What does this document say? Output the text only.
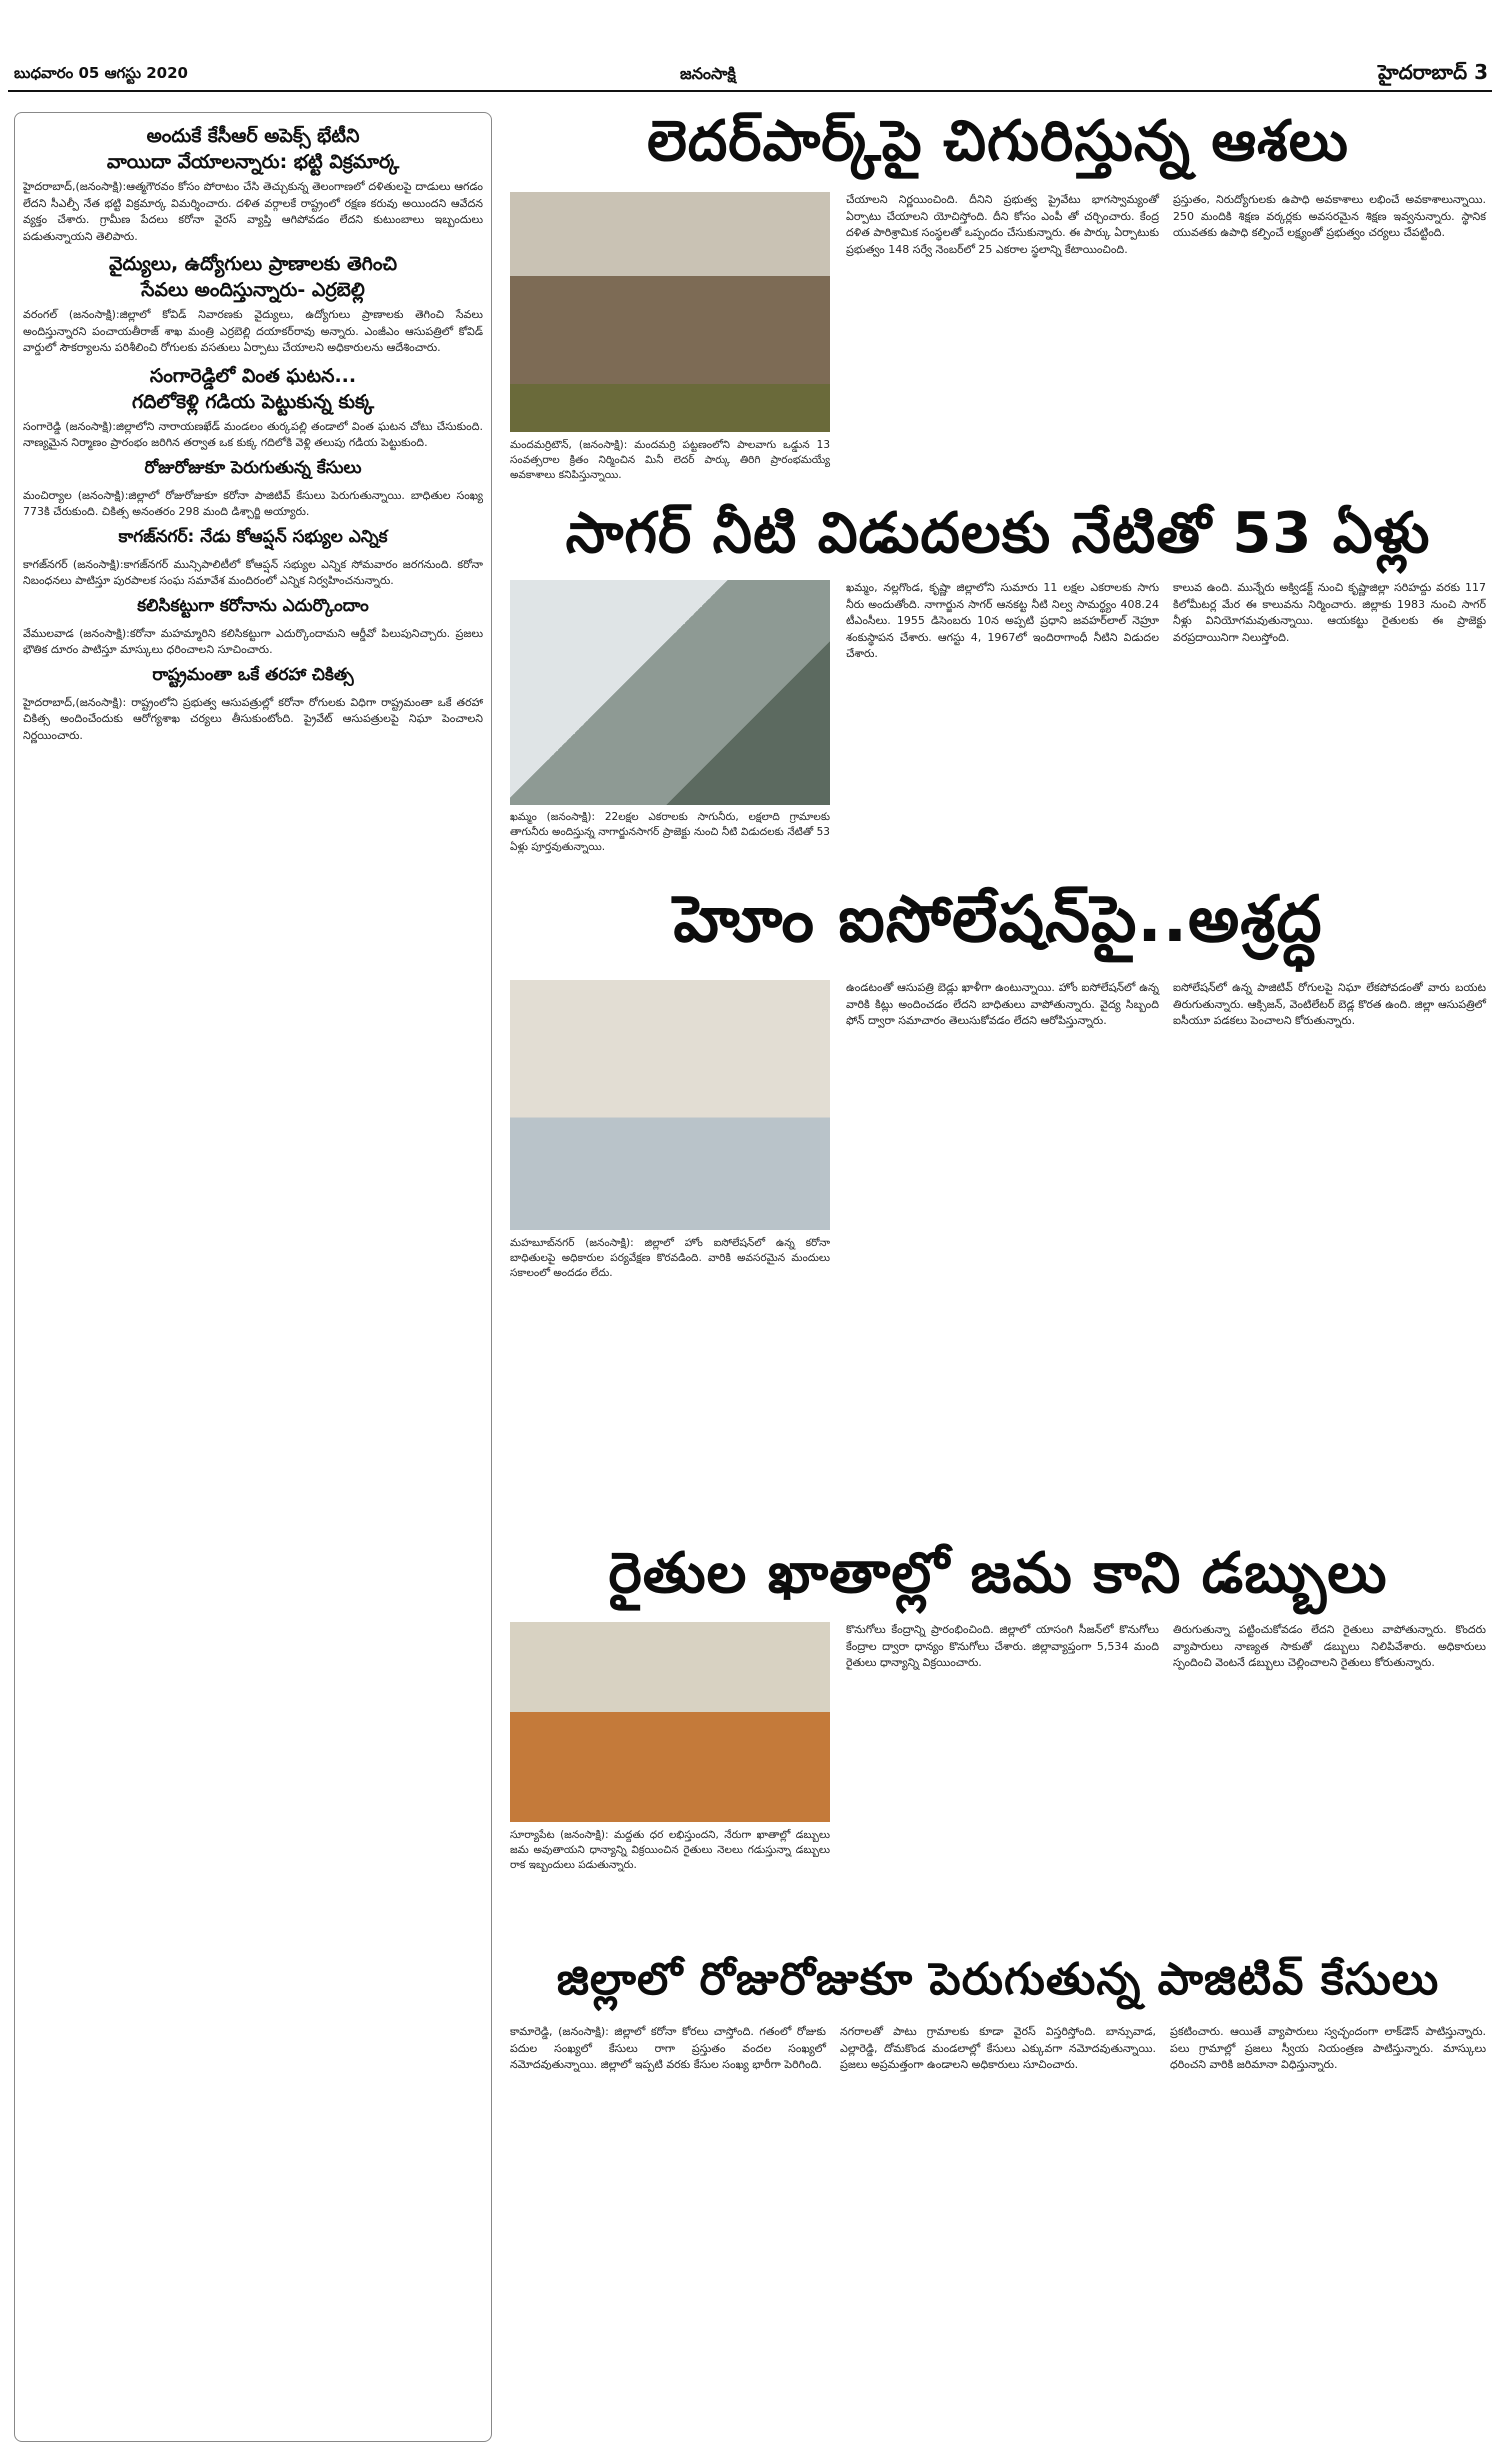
బుధవారం 05 ఆగస్టు 2020	జనంసాక్షి	హైదరాబాద్ 3
అందుకే కేసీఆర్ అపెక్స్ భేటీని
వాయిదా వేయాలన్నారు: భట్టి విక్రమార్క

హైదరాబాద్,(జనంసాక్షి):ఆత్మగౌరవం కోసం పోరాటం చేసి తెచ్చుకున్న తెలంగాణలో దళితులపై దాడులు ఆగడం లేదని సీఎల్పీ నేత భట్టి విక్రమార్క విమర్శించారు. దళిత వర్గాలకే రాష్ట్రంలో రక్షణ కరువు అయిందని ఆవేదన వ్యక్తం చేశారు. గ్రామీణ పేదలు కరోనా వైరస్ వ్యాప్తి ఆగిపోవడం లేదని కుటుంబాలు ఇబ్బందులు పడుతున్నాయని తెలిపారు.

వైద్యులు, ఉద్యోగులు ప్రాణాలకు తెగించి
సేవలు అందిస్తున్నారు- ఎర్రబెల్లి

వరంగల్ (జనంసాక్షి):జిల్లాలో కోవిడ్ నివారణకు వైద్యులు, ఉద్యోగులు ప్రాణాలకు తెగించి సేవలు అందిస్తున్నారని పంచాయతీరాజ్ శాఖ మంత్రి ఎర్రబెల్లి దయాకర్‌రావు అన్నారు. ఎంజీఎం ఆసుపత్రిలో కోవిడ్ వార్డులో సౌకర్యాలను పరిశీలించి రోగులకు వసతులు ఏర్పాటు చేయాలని అధికారులను ఆదేశించారు.

సంగారెడ్డిలో వింత ఘటన...
గదిలోకెళ్లి గడియ పెట్టుకున్న కుక్క

సంగారెడ్డి (జనంసాక్షి):జిల్లాలోని నారాయణఖేడ్ మండలం తుర్కపల్లి తండాలో వింత ఘటన చోటు చేసుకుంది. నాణ్యమైన నిర్మాణం ప్రారంభం జరిగిన తర్వాత ఒక కుక్క గదిలోకి వెళ్లి తలుపు గడియ పెట్టుకుంది.

రోజురోజుకూ పెరుగుతున్న కేసులు

మంచిర్యాల (జనంసాక్షి):జిల్లాలో రోజురోజుకూ కరోనా పాజిటివ్ కేసులు పెరుగుతున్నాయి. బాధితుల సంఖ్య 773కి చేరుకుంది. చికిత్స అనంతరం 298 మంది డిశ్చార్జి అయ్యారు.

కాగజ్‌నగర్: నేడు కోఆప్షన్ సభ్యుల ఎన్నిక

కాగజ్‌నగర్ (జనంసాక్షి):కాగజ్‌నగర్ మున్సిపాలిటీలో కోఆప్షన్ సభ్యుల ఎన్నిక సోమవారం జరగనుంది. కరోనా నిబంధనలు పాటిస్తూ పురపాలక సంఘ సమావేశ మందిరంలో ఎన్నిక నిర్వహించనున్నారు.

కలిసికట్టుగా కరోనాను ఎదుర్కొందాం

వేములవాడ (జనంసాక్షి):కరోనా మహమ్మారిని కలిసికట్టుగా ఎదుర్కొందామని ఆర్డీవో పిలుపునిచ్చారు. ప్రజలు భౌతిక దూరం పాటిస్తూ మాస్కులు ధరించాలని సూచించారు.

రాష్ట్రమంతా ఒకే తరహా చికిత్స

హైదరాబాద్,(జనంసాక్షి): రాష్ట్రంలోని ప్రభుత్వ ఆసుపత్రుల్లో కరోనా రోగులకు విధిగా రాష్ట్రమంతా ఒకే తరహా చికిత్స అందించేందుకు ఆరోగ్యశాఖ చర్యలు తీసుకుంటోంది. ప్రైవేట్ ఆసుపత్రులపై నిఘా పెంచాలని నిర్ణయించారు.

లెదర్‌పార్క్‌పై చిగురిస్తున్న ఆశలు

మందమర్రిటౌన్, (జనంసాక్షి): మందమర్రి పట్టణంలోని పాలవాగు ఒడ్డున 13 సంవత్సరాల క్రితం నిర్మించిన మినీ లెదర్ పార్కు తిరిగి ప్రారంభమయ్యే అవకాశాలు కనిపిస్తున్నాయి.

చేయాలని నిర్ణయించింది. దీనిని ప్రభుత్వ ప్రైవేటు భాగస్వామ్యంతో ఏర్పాటు చేయాలని యోచిస్తోంది. దీని కోసం ఎంపీ తో చర్చించారు. కేంద్ర దళిత పారిశ్రామిక సంస్థలతో ఒప్పందం చేసుకున్నారు. ఈ పార్కు ఏర్పాటుకు ప్రభుత్వం 148 సర్వే నెంబర్‌లో 25 ఎకరాల స్థలాన్ని కేటాయించింది.

ప్రస్తుతం, నిరుద్యోగులకు ఉపాధి అవకాశాలు లభించే అవకాశాలున్నాయి. 250 మందికి శిక్షణ వర్కర్లకు అవసరమైన శిక్షణ ఇవ్వనున్నారు. స్థానిక యువతకు ఉపాధి కల్పించే లక్ష్యంతో ప్రభుత్వం చర్యలు చేపట్టింది.

సాగర్ నీటి విడుదలకు నేటితో 53 ఏళ్లు

ఖమ్మం (జనంసాక్షి): 22లక్షల ఎకరాలకు సాగునీరు, లక్షలాది గ్రామాలకు తాగునీరు అందిస్తున్న నాగార్జునసాగర్ ప్రాజెక్టు నుంచి నీటి విడుదలకు నేటితో 53 ఏళ్లు పూర్తవుతున్నాయి.

ఖమ్మం, నల్లగొండ, కృష్ణా జిల్లాలోని సుమారు 11 లక్షల ఎకరాలకు సాగు నీరు అందుతోంది. నాగార్జున సాగర్ ఆనకట్ట నీటి నిల్వ సామర్థ్యం 408.24 టీఎంసీలు. 1955 డిసెంబరు 10న అప్పటి ప్రధాని జవహర్‌లాల్ నెహ్రూ శంకుస్థాపన చేశారు. ఆగస్టు 4, 1967లో ఇందిరాగాంధీ నీటిని విడుదల చేశారు.

కాలువ ఉంది. మున్నేరు అక్విడక్ట్ నుంచి కృష్ణాజిల్లా సరిహద్దు వరకు 117 కిలోమీటర్ల మేర ఈ కాలువను నిర్మించారు. జిల్లాకు 1983 నుంచి సాగర్ నీళ్లు వినియోగమవుతున్నాయి. ఆయకట్టు రైతులకు ఈ ప్రాజెక్టు వరప్రదాయినిగా నిలుస్తోంది.

హెూం ఐసోలేషన్‌పై..అశ్రద్ధ

మహబూబ్‌నగర్ (జనంసాక్షి): జిల్లాలో హోం ఐసోలేషన్‌లో ఉన్న కరోనా బాధితులపై అధికారుల పర్యవేక్షణ కొరవడింది. వారికి అవసరమైన మందులు సకాలంలో అందడం లేదు.

ఉండటంతో ఆసుపత్రి బెడ్లు ఖాళీగా ఉంటున్నాయి. హోం ఐసోలేషన్‌లో ఉన్న వారికి కిట్లు అందించడం లేదని బాధితులు వాపోతున్నారు. వైద్య సిబ్బంది ఫోన్ ద్వారా సమాచారం తెలుసుకోవడం లేదని ఆరోపిస్తున్నారు.

ఐసోలేషన్‌లో ఉన్న పాజిటివ్ రోగులపై నిఘా లేకపోవడంతో వారు బయట తిరుగుతున్నారు. ఆక్సిజన్, వెంటిలేటర్ బెడ్ల కొరత ఉంది. జిల్లా ఆసుపత్రిలో ఐసీయూ పడకలు పెంచాలని కోరుతున్నారు.

రైతుల ఖాతాల్లో జమ కాని డబ్బులు

సూర్యాపేట (జనంసాక్షి): మద్దతు ధర లభిస్తుందని, నేరుగా ఖాతాల్లో డబ్బులు జమ అవుతాయని ధాన్యాన్ని విక్రయించిన రైతులు నెలలు గడుస్తున్నా డబ్బులు రాక ఇబ్బందులు పడుతున్నారు.

కొనుగోలు కేంద్రాన్ని ప్రారంభించింది. జిల్లాలో యాసంగి సీజన్‌లో కొనుగోలు కేంద్రాల ద్వారా ధాన్యం కొనుగోలు చేశారు. జిల్లావ్యాప్తంగా 5,534 మంది రైతులు ధాన్యాన్ని విక్రయించారు.

తిరుగుతున్నా పట్టించుకోవడం లేదని రైతులు వాపోతున్నారు. కొందరు వ్యాపారులు నాణ్యత సాకుతో డబ్బులు నిలిపివేశారు. అధికారులు స్పందించి వెంటనే డబ్బులు చెల్లించాలని రైతులు కోరుతున్నారు.

జిల్లాలో రోజురోజుకూ పెరుగుతున్న పాజిటివ్ కేసులు

కామారెడ్డి, (జనంసాక్షి): జిల్లాలో కరోనా కోరలు చాస్తోంది. గతంలో రోజుకు పదుల సంఖ్యలో కేసులు రాగా ప్రస్తుతం వందల సంఖ్యలో నమోదవుతున్నాయి. జిల్లాలో ఇప్పటి వరకు కేసుల సంఖ్య భారీగా పెరిగింది.

నగరాలతో పాటు గ్రామాలకు కూడా వైరస్ విస్తరిస్తోంది. బాన్సువాడ, ఎల్లారెడ్డి, దోమకొండ మండలాల్లో కేసులు ఎక్కువగా నమోదవుతున్నాయి. ప్రజలు అప్రమత్తంగా ఉండాలని అధికారులు సూచించారు.

ప్రకటించారు. ఆయితే వ్యాపారులు స్వచ్ఛందంగా లాక్‌డౌన్ పాటిస్తున్నారు. పలు గ్రామాల్లో ప్రజలు స్వీయ నియంత్రణ పాటిస్తున్నారు. మాస్కులు ధరించని వారికి జరిమానా విధిస్తున్నారు.
